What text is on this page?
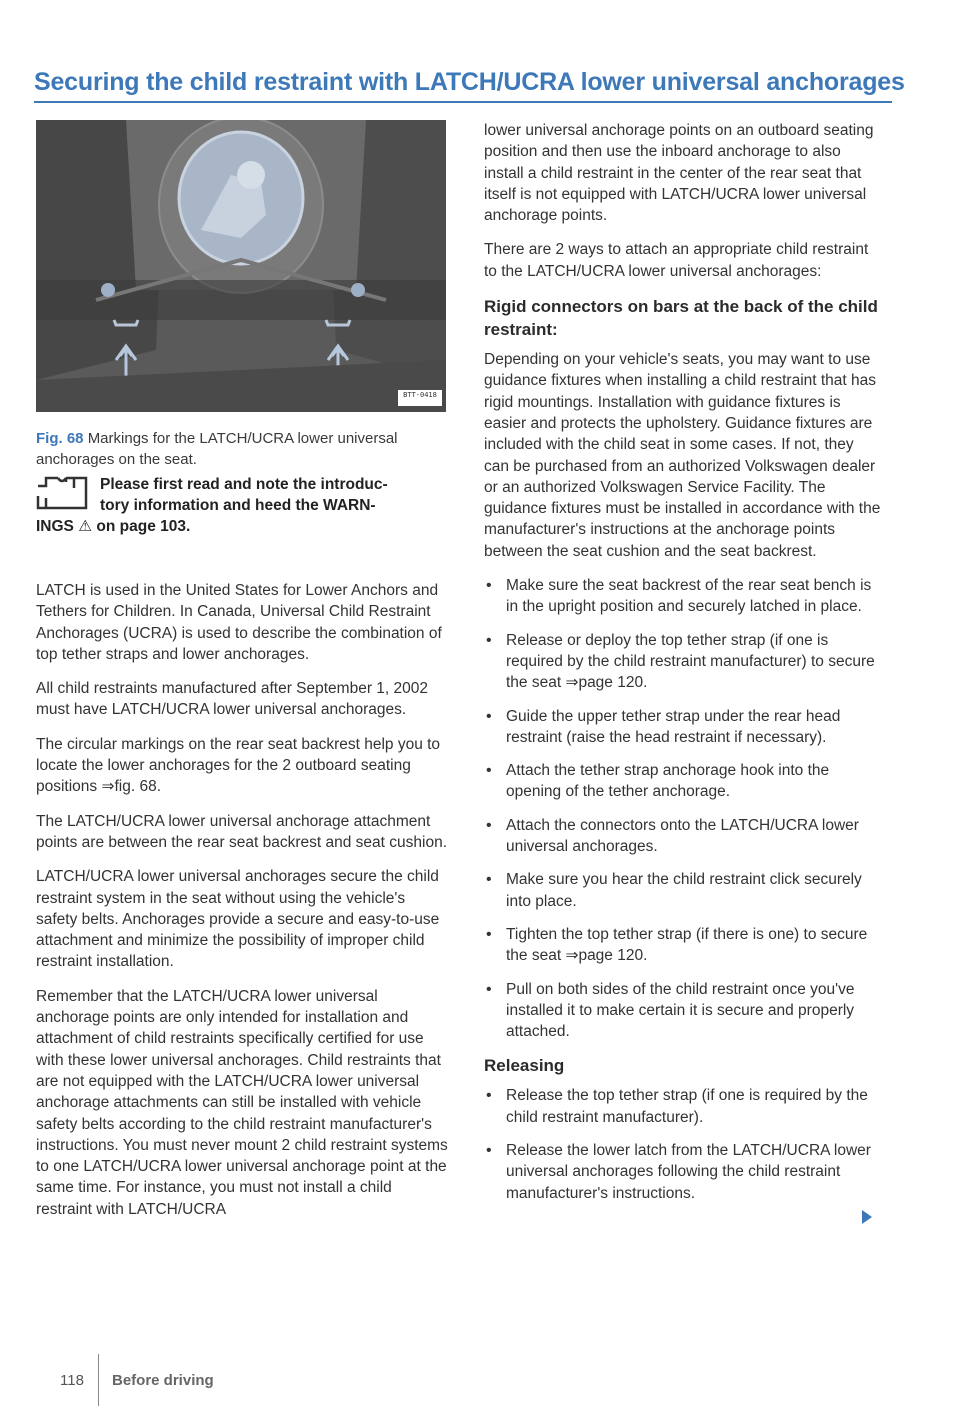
Securing the child restraint with LATCH/UCRA lower universal anchorages
BTT-0418
Fig. 68 Markings for the LATCH/UCRA lower universal anchorages on the seat.
Please first read and note the introduc-
tory information and heed the WARN-
INGS ⚠ on page 103.

LATCH is used in the United States for Lower Anchors and Tethers for Children. In Canada, Universal Child Restraint Anchorages (UCRA) is used to describe the combination of top tether straps and lower anchorages.

All child restraints manufactured after September 1, 2002 must have LATCH/UCRA lower universal anchorages.

The circular markings on the rear seat backrest help you to locate the lower anchorages for the 2 outboard seating positions ⇒fig. 68.

The LATCH/UCRA lower universal anchorage attachment points are between the rear seat backrest and seat cushion.

LATCH/UCRA lower universal anchorages secure the child restraint system in the seat without using the vehicle's safety belts. Anchorages provide a secure and easy-to-use attachment and minimize the possibility of improper child restraint installation.

Remember that the LATCH/UCRA lower universal anchorage points are only intended for installation and attachment of child restraints specifically certified for use with these lower universal anchorages. Child restraints that are not equipped with the LATCH/UCRA lower universal anchorage attachments can still be installed with vehicle safety belts according to the child restraint manufacturer's instructions. You must never mount 2 child restraint systems to one LATCH/UCRA lower universal anchorage point at the same time. For instance, you must not install a child restraint with LATCH/UCRA

lower universal anchorage points on an outboard seating position and then use the inboard anchorage to also install a child restraint in the center of the rear seat that itself is not equipped with LATCH/UCRA lower universal anchorage points.

There are 2 ways to attach an appropriate child restraint to the LATCH/UCRA lower universal anchorages:

Rigid connectors on bars at the back of the child restraint:

Depending on your vehicle's seats, you may want to use guidance fixtures when installing a child restraint that has rigid mountings. Installation with guidance fixtures is easier and protects the upholstery. Guidance fixtures are included with the child seat in some cases. If not, they can be purchased from an authorized Volkswagen dealer or an authorized Volkswagen Service Facility. The guidance fixtures must be installed in accordance with the manufacturer's instructions at the anchorage points between the seat cushion and the seat backrest.

• Make sure the seat backrest of the rear seat bench is in the upright position and securely latched in place.
• Release or deploy the top tether strap (if one is required by the child restraint manufacturer) to secure the seat ⇒page 120.
• Guide the upper tether strap under the rear head restraint (raise the head restraint if necessary).
• Attach the tether strap anchorage hook into the opening of the tether anchorage.
• Attach the connectors onto the LATCH/UCRA lower universal anchorages.
• Make sure you hear the child restraint click securely into place.
• Tighten the top tether strap (if there is one) to secure the seat ⇒page 120.
• Pull on both sides of the child restraint once you've installed it to make certain it is secure and properly attached.
Releasing
• Release the top tether strap (if one is required by the child restraint manufacturer).
• Release the lower latch from the LATCH/UCRA lower universal anchorages following the child restraint manufacturer's instructions.
118 Before driving
